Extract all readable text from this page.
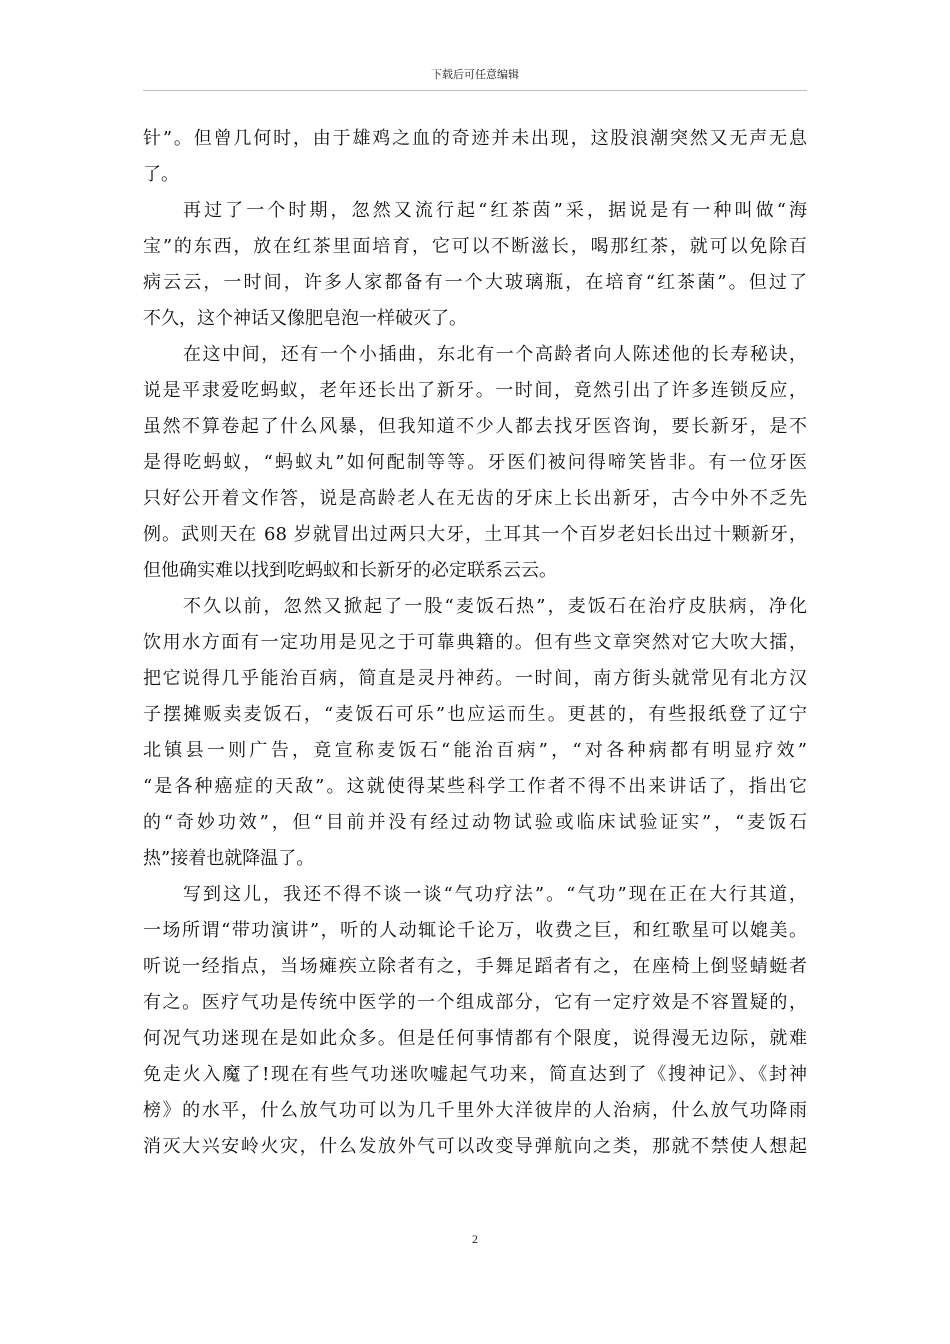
下载后可任意编辑
针”。但曾几何时，由于雄鸡之血的奇迹并未出现，这股浪潮突然又无声无息
了。
再过了一个时期，忽然又流行起“红茶茵”采，据说是有一种叫做“海
宝”的东西，放在红茶里面培育，它可以不断滋长，喝那红茶，就可以免除百
病云云，一时间，许多人家都备有一个大玻璃瓶，在培育“红茶菌”。但过了
不久，这个神话又像肥皂泡一样破灭了。
在这中间，还有一个小插曲，东北有一个高龄者向人陈述他的长寿秘诀，
说是平隶爱吃蚂蚁，老年还长出了新牙。一时间，竟然引出了许多连锁反应，
虽然不算卷起了什么风暴，但我知道不少人都去找牙医咨询，要长新牙，是不
是得吃蚂蚁，“蚂蚁丸”如何配制等等。牙医们被问得啼笑皆非。有一位牙医
只好公开着文作答，说是高龄老人在无齿的牙床上长出新牙，古今中外不乏先
例。武则天在 68 岁就冒出过两只大牙，土耳其一个百岁老妇长出过十颗新牙，
但他确实难以找到吃蚂蚁和长新牙的必定联系云云。
不久以前，忽然又掀起了一股“麦饭石热”，麦饭石在治疗皮肤病，净化
饮用水方面有一定功用是见之于可靠典籍的。但有些文章突然对它大吹大擂，
把它说得几乎能治百病，简直是灵丹神药。一时间，南方街头就常见有北方汉
子摆摊贩卖麦饭石，“麦饭石可乐”也应运而生。更甚的，有些报纸登了辽宁
北镇县一则广告，竟宣称麦饭石“能治百病”，“对各种病都有明显疗效”
“是各种癌症的天敌”。这就使得某些科学工作者不得不出来讲话了，指出它
的“奇妙功效”，但“目前并没有经过动物试验或临床试验证实”，“麦饭石
热”接着也就降温了。
写到这儿，我还不得不谈一谈“气功疗法”。“气功”现在正在大行其道，
一场所谓“带功演讲”，听的人动辄论千论万，收费之巨，和红歌星可以媲美。
听说一经指点，当场瘫疾立除者有之，手舞足蹈者有之，在座椅上倒竖蜻蜓者
有之。医疗气功是传统中医学的一个组成部分，它有一定疗效是不容置疑的，
何况气功迷现在是如此众多。但是任何事情都有个限度，说得漫无边际，就难
免走火入魔了!现在有些气功迷吹嘘起气功来，简直达到了《搜神记》、《封神
榜》的水平，什么放气功可以为几千里外大洋彼岸的人治病，什么放气功降雨
消灭大兴安岭火灾，什么发放外气可以改变导弹航向之类，那就不禁使人想起
2
